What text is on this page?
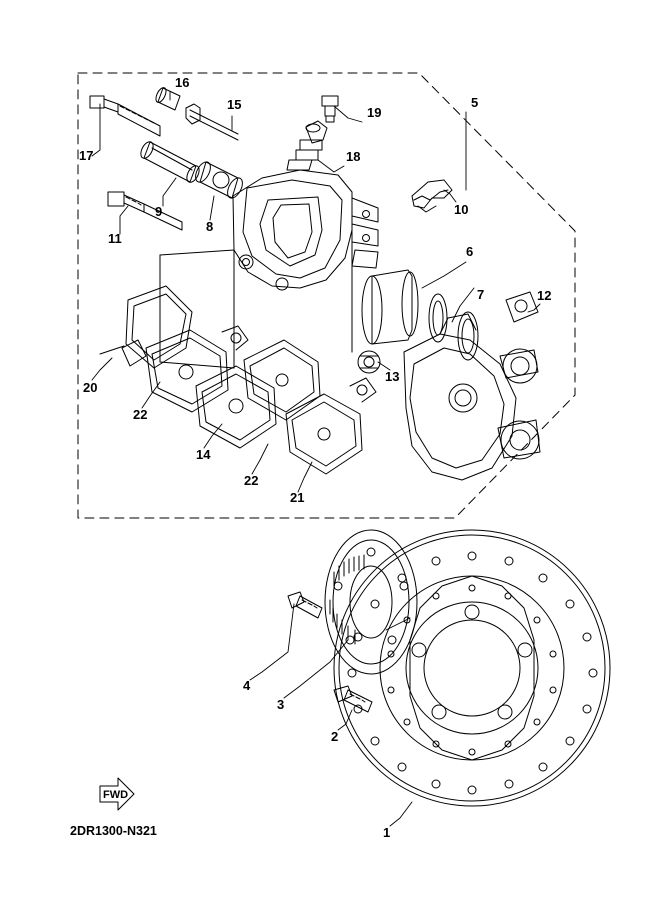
1
2
3
4
5
6
7
8
9	10
11
12
13
14
15
16
17	18
19
20
21
22
22
FWD
2DR1300-N321
